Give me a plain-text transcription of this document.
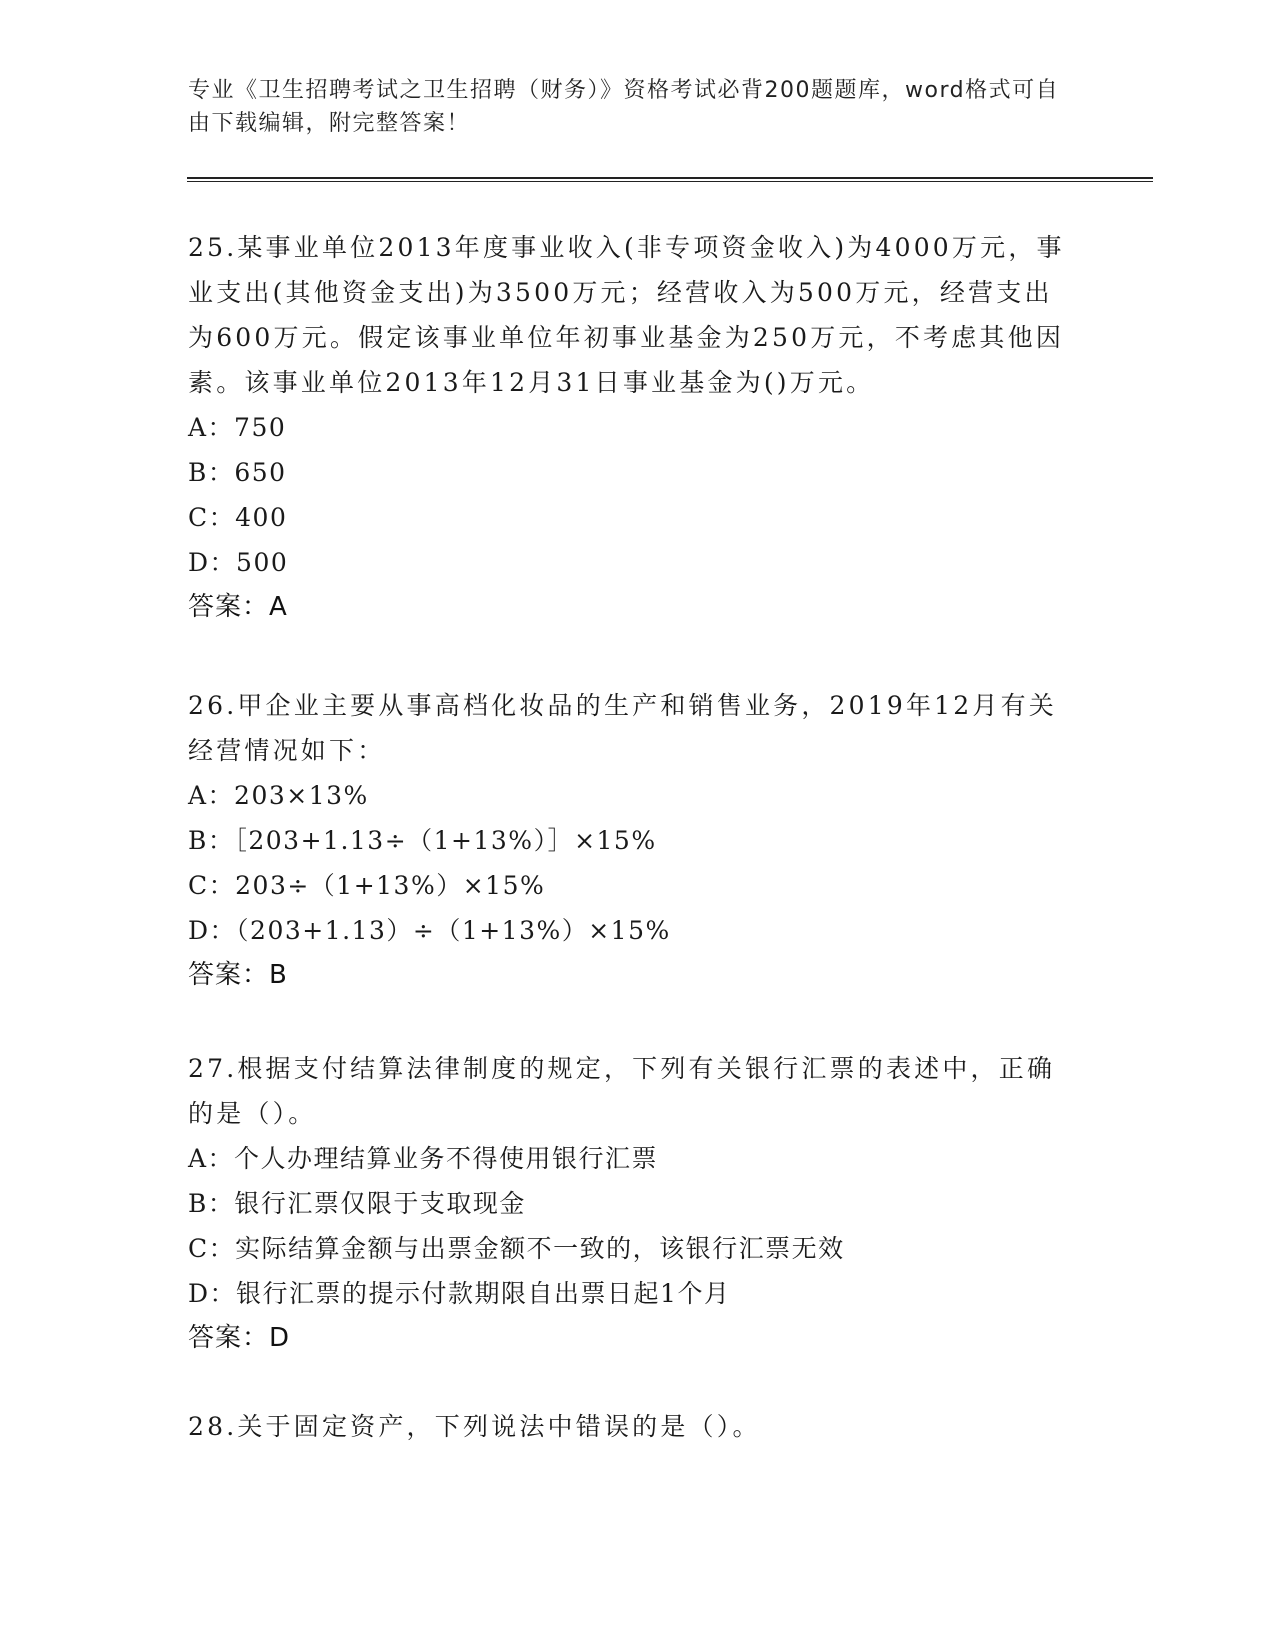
专业《卫生招聘考试之卫生招聘（财务）》资格考试必背200题题库，word格式可自由下载编辑，附完整答案！

25.某事业单位2013年度事业收入(非专项资金收入)为4000万元，事业支出(其他资金支出)为3500万元；经营收入为500万元，经营支出为600万元。假定该事业单位年初事业基金为250万元，不考虑其他因素。该事业单位2013年12月31日事业基金为()万元。

A：750

B：650

C：400

D：500

答案：A

26.甲企业主要从事高档化妆品的生产和销售业务，2019年12月有关经营情况如下：

A：203×13%

B：［203+1.13÷（1+13%）］×15%

C：203÷（1+13%）×15%

D：（203+1.13）÷（1+13%）×15%

答案：B

27.根据支付结算法律制度的规定，下列有关银行汇票的表述中，正确的是（）。

A：个人办理结算业务不得使用银行汇票

B：银行汇票仅限于支取现金

C：实际结算金额与出票金额不一致的，该银行汇票无效

D：银行汇票的提示付款期限自出票日起1个月

答案：D

28.关于固定资产，下列说法中错误的是（）。
